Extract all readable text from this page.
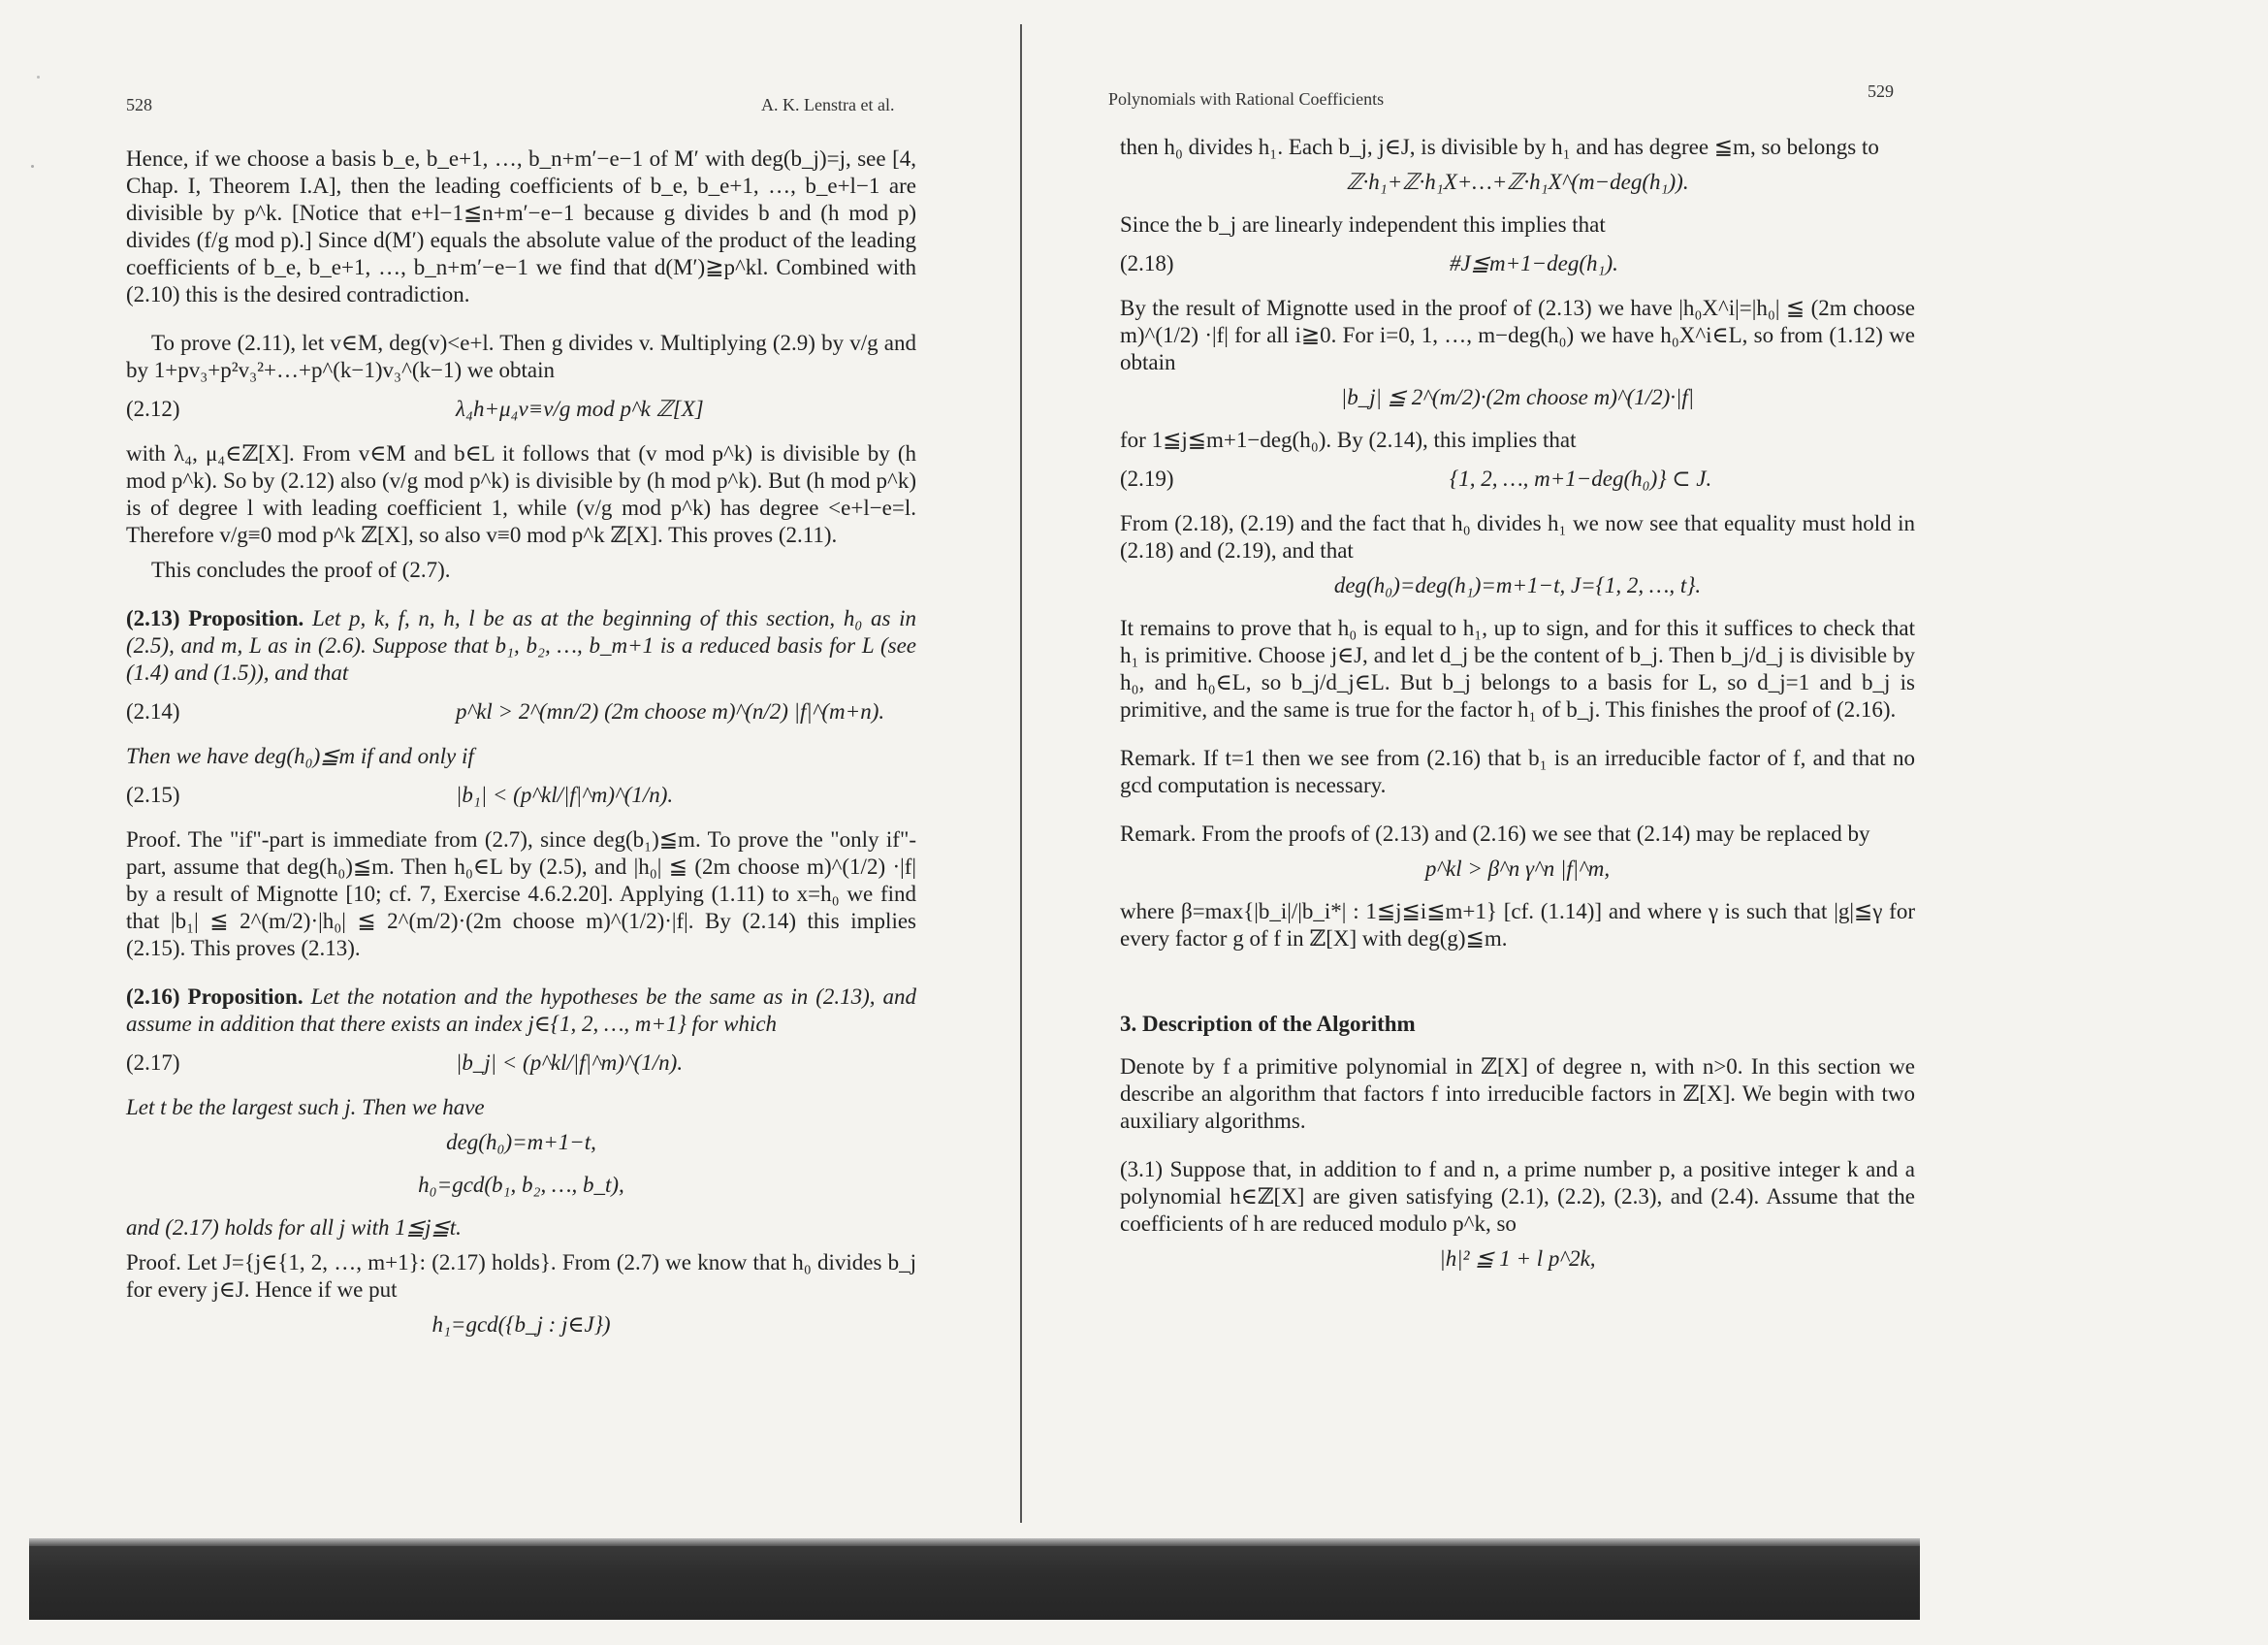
528	A. K. Lenstra et al.

Hence, if we choose a basis b_e, b_e+1, …, b_n+m′−e−1 of M′ with deg(b_j)=j, see [4, Chap. I, Theorem I.A], then the leading coefficients of b_e, b_e+1, …, b_e+l−1 are divisible by p^k. [Notice that e+l−1≦n+m′−e−1 because g divides b and (h mod p) divides (f/g mod p).] Since d(M′) equals the absolute value of the product of the leading coefficients of b_e, b_e+1, …, b_n+m′−e−1 we find that d(M′)≧p^kl. Combined with (2.10) this is the desired contradiction.

To prove (2.11), let v∈M, deg(v)<e+l. Then g divides v. Multiplying (2.9) by v/g and by 1+pv₃+p²v₃²+…+p^(k−1)v₃^(k−1) we obtain

(2.12)	λ₄h+μ₄v≡v/g mod p^k ℤ[X]

with λ₄, μ₄∈ℤ[X]. From v∈M and b∈L it follows that (v mod p^k) is divisible by (h mod p^k). So by (2.12) also (v/g mod p^k) is divisible by (h mod p^k). But (h mod p^k) is of degree l with leading coefficient 1, while (v/g mod p^k) has degree <e+l−e=l. Therefore v/g≡0 mod p^k ℤ[X], so also v≡0 mod p^k ℤ[X]. This proves (2.11).

This concludes the proof of (2.7).

(2.13) Proposition. Let p, k, f, n, h, l be as at the beginning of this section, h₀ as in (2.5), and m, L as in (2.6). Suppose that b₁, b₂, …, b_m+1 is a reduced basis for L (see (1.4) and (1.5)), and that

(2.14)	p^kl > 2^(mn/2) (2m choose m)^(n/2) |f|^(m+n).

Then we have deg(h₀)≦m if and only if

(2.15)	|b₁| < (p^kl/|f|^m)^(1/n).

Proof. The "if"-part is immediate from (2.7), since deg(b₁)≦m. To prove the "only if"-part, assume that deg(h₀)≦m. Then h₀∈L by (2.5), and |h₀| ≦ (2m choose m)^(1/2) ·|f| by a result of Mignotte [10; cf. 7, Exercise 4.6.2.20]. Applying (1.11) to x=h₀ we find that |b₁| ≦ 2^(m/2)·|h₀| ≦ 2^(m/2)·(2m choose m)^(1/2)·|f|. By (2.14) this implies (2.15). This proves (2.13).

(2.16) Proposition. Let the notation and the hypotheses be the same as in (2.13), and assume in addition that there exists an index j∈{1, 2, …, m+1} for which

(2.17)	|b_j| < (p^kl/|f|^m)^(1/n).

Let t be the largest such j. Then we have

deg(h₀)=m+1−t,
h₀=gcd(b₁, b₂, …, b_t),

and (2.17) holds for all j with 1≦j≦t.

Proof. Let J={j∈{1, 2, …, m+1}: (2.17) holds}. From (2.7) we know that h₀ divides b_j for every j∈J. Hence if we put

h₁=gcd({b_j : j∈J})
Polynomials with Rational Coefficients	529

then h₀ divides h₁. Each b_j, j∈J, is divisible by h₁ and has degree ≦m, so belongs to

ℤ·h₁+ℤ·h₁X+…+ℤ·h₁X^(m−deg(h₁)).

Since the b_j are linearly independent this implies that

(2.18)	#J≦m+1−deg(h₁).

By the result of Mignotte used in the proof of (2.13) we have |h₀X^i|=|h₀| ≦ (2m choose m)^(1/2) ·|f| for all i≧0. For i=0, 1, …, m−deg(h₀) we have h₀X^i∈L, so from (1.12) we obtain

|b_j| ≦ 2^(m/2)·(2m choose m)^(1/2)·|f|

for 1≦j≦m+1−deg(h₀). By (2.14), this implies that

(2.19)	{1, 2, …, m+1−deg(h₀)} ⊂ J.

From (2.18), (2.19) and the fact that h₀ divides h₁ we now see that equality must hold in (2.18) and (2.19), and that

deg(h₀)=deg(h₁)=m+1−t, J={1, 2, …, t}.

It remains to prove that h₀ is equal to h₁, up to sign, and for this it suffices to check that h₁ is primitive. Choose j∈J, and let d_j be the content of b_j. Then b_j/d_j is divisible by h₀, and h₀∈L, so b_j/d_j∈L. But b_j belongs to a basis for L, so d_j=1 and b_j is primitive, and the same is true for the factor h₁ of b_j. This finishes the proof of (2.16).

Remark. If t=1 then we see from (2.16) that b₁ is an irreducible factor of f, and that no gcd computation is necessary.

Remark. From the proofs of (2.13) and (2.16) we see that (2.14) may be replaced by

p^kl > β^n γ^n |f|^m,

where β=max{|b_i|/|b_i*| : 1≦j≦i≦m+1} [cf. (1.14)] and where γ is such that |g|≦γ for every factor g of f in ℤ[X] with deg(g)≦m.

3. Description of the Algorithm

Denote by f a primitive polynomial in ℤ[X] of degree n, with n>0. In this section we describe an algorithm that factors f into irreducible factors in ℤ[X]. We begin with two auxiliary algorithms.

(3.1) Suppose that, in addition to f and n, a prime number p, a positive integer k and a polynomial h∈ℤ[X] are given satisfying (2.1), (2.2), (2.3), and (2.4). Assume that the coefficients of h are reduced modulo p^k, so

|h|² ≦ 1 + l p^2k,
